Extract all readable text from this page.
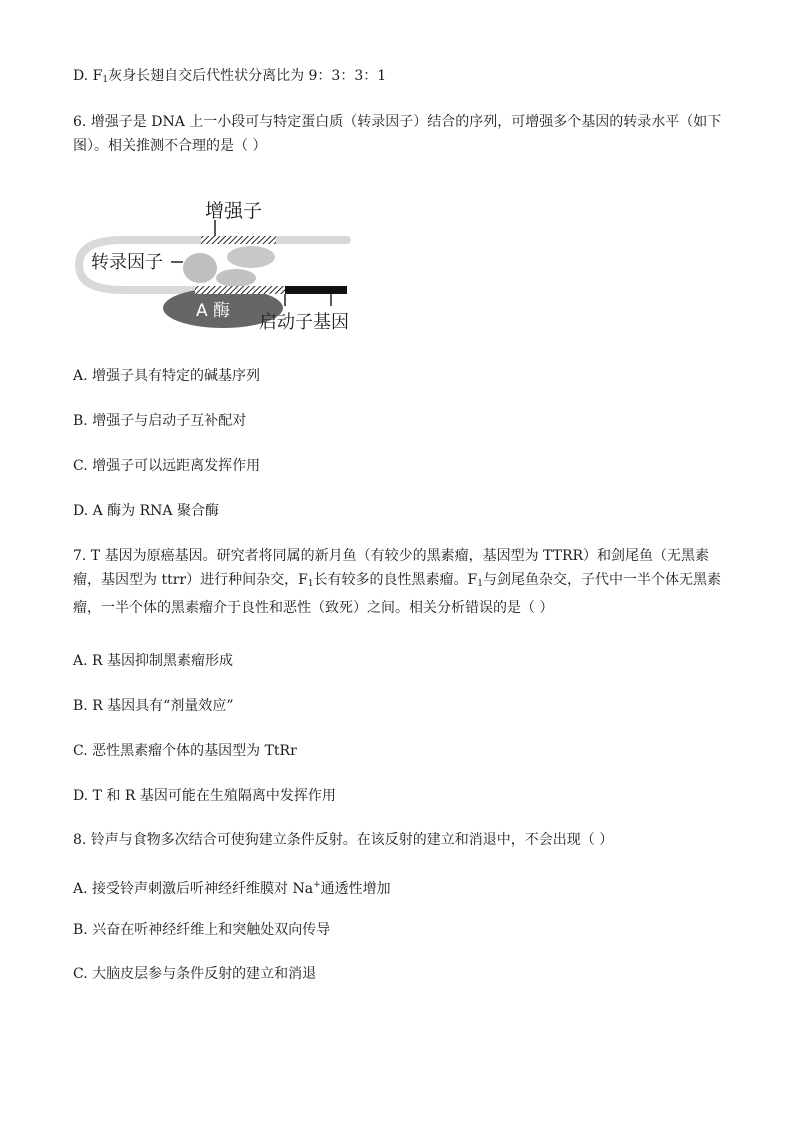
D. $F_1$灰身长翅自交后代性状分离比为 9：3：3：1
6. 增强子是 DNA 上一小段可与特定蛋白质（转录因子）结合的序列，可增强多个基因的转录水平（如下图）。相关推测不合理的是（ ）
增强子
转录因子
A 酶
启动子基因
A. 增强子具有特定的碱基序列
B. 增强子与启动子互补配对
C. 增强子可以远距离发挥作用
D. A 酶为 RNA 聚合酶
7. T 基因为原癌基因。研究者将同属的新月鱼（有较少的黑素瘤，基因型为 TTRR）和剑尾鱼（无黑素瘤，基因型为 ttrr）进行种间杂交，$F_1$长有较多的良性黑素瘤。$F_1$与剑尾鱼杂交，子代中一半个体无黑素瘤，一半个体的黑素瘤介于良性和恶性（致死）之间。相关分析错误的是（ ）
A. R 基因抑制黑素瘤形成
B. R 基因具有“剂量效应”
C. 恶性黑素瘤个体的基因型为 TtRr
D. T 和 R 基因可能在生殖隔离中发挥作用
8. 铃声与食物多次结合可使狗建立条件反射。在该反射的建立和消退中，不会出现（ ）
A. 接受铃声刺激后听神经纤维膜对 Na+通透性增加
B. 兴奋在听神经纤维上和突触处双向传导
C. 大脑皮层参与条件反射的建立和消退
